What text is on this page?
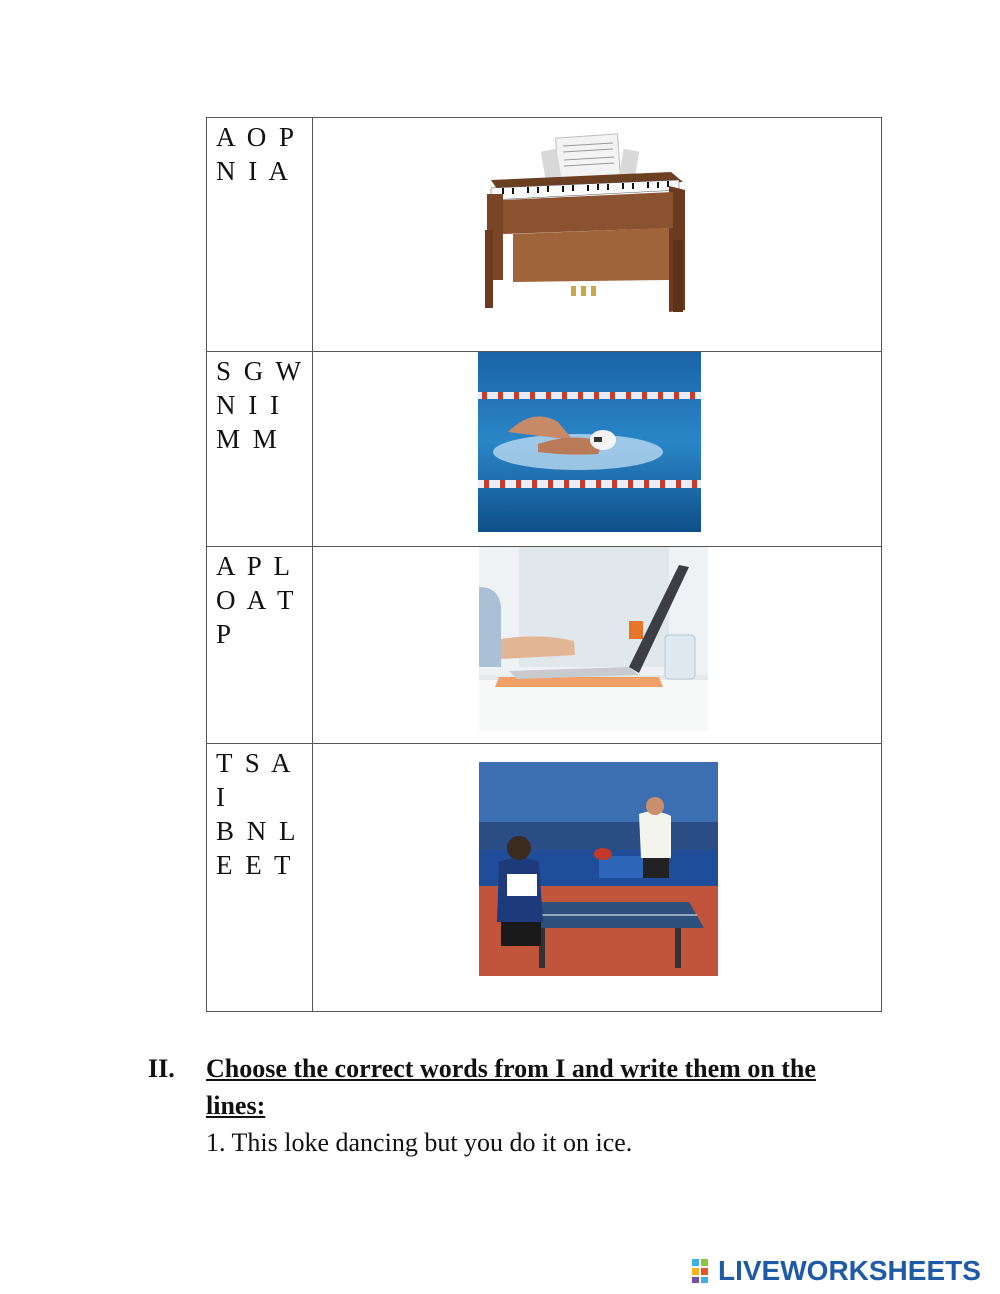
A O P
N I A
S G W
N I I
M M
A P L
O A T
P
T S A I
B N L
E E T
II. Choose the correct words from I and write them on the lines:
1. This loke dancing but you do it on ice.
LIVEWORKSHEETS
